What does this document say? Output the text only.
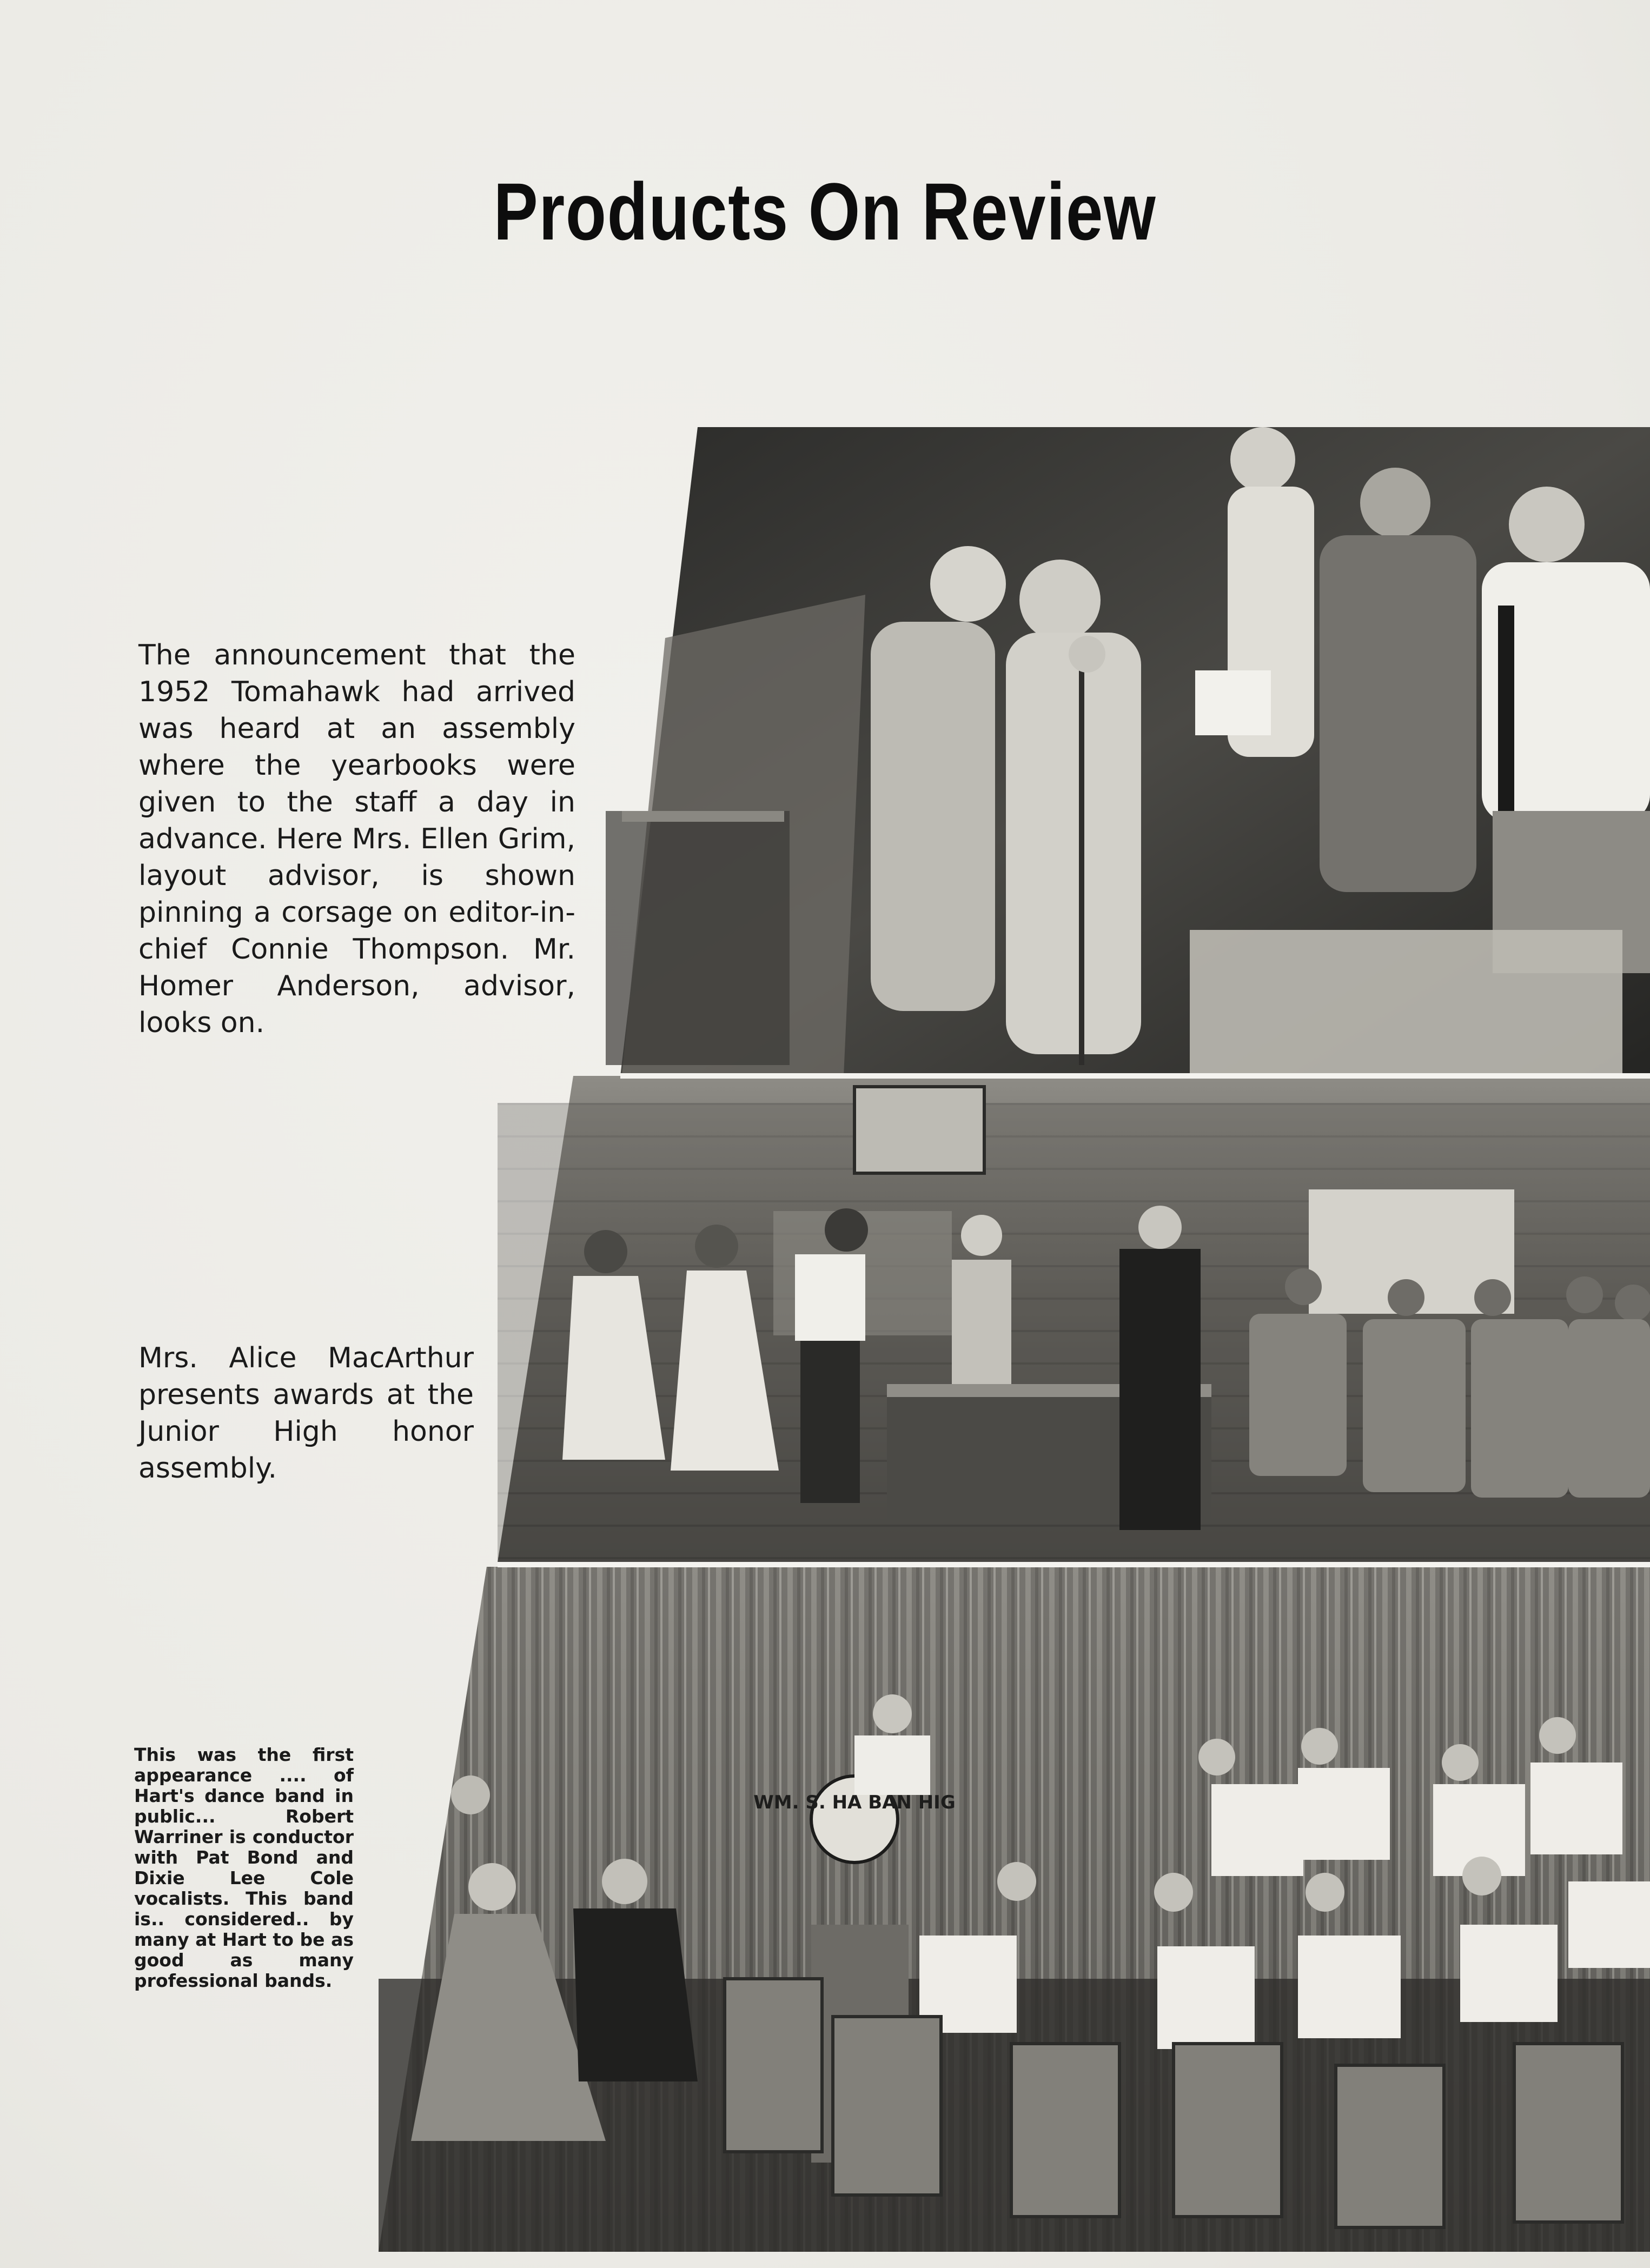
Products On Review
The announcement that the 1952 Tomahawk had arrived was heard at an assembly where the yearbooks were given to the staff a day in advance. Here Mrs. Ellen Grim, layout advisor, is shown pinning a corsage on editor-in-chief Connie Thompson. Mr. Homer Anderson, advisor, looks on.
Mrs. Alice MacArthur presents awards at the Junior High honor assembly.
This was the first appearance .... of Hart's dance band in public... Robert Warriner is conductor with Pat Bond and Dixie Lee Cole vocalists. This band is.. considered.. by many at Hart to be as good as many professional bands.
WM. S. HA BAN HIG
